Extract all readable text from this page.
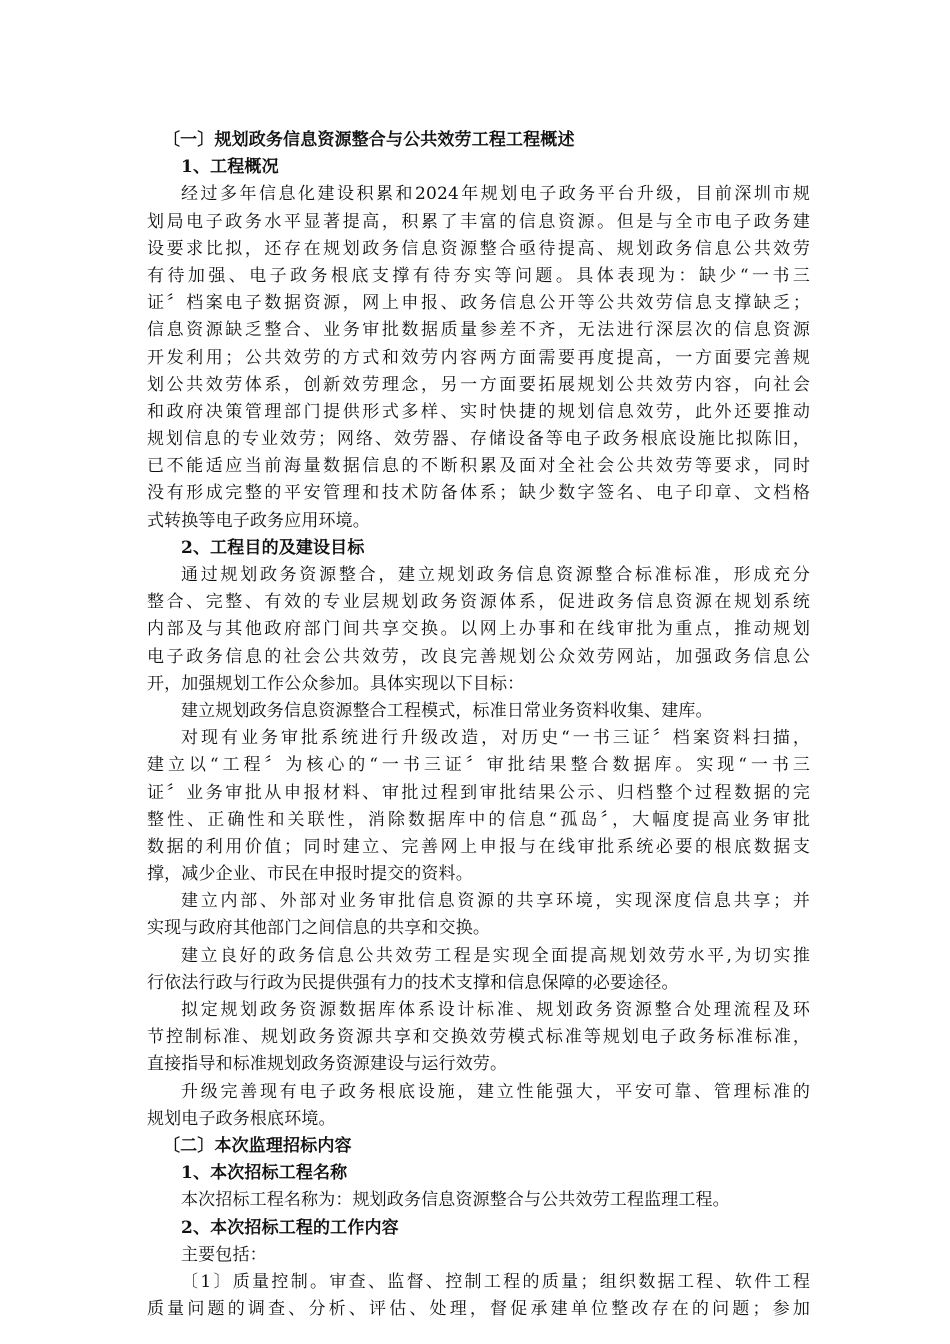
〔一〕规划政务信息资源整合与公共效劳工程工程概述
1、工程概况
经过多年信息化建设积累和2024年规划电子政务平台升级，目前深圳市规
划局电子政务水平显著提高，积累了丰富的信息资源。但是与全市电子政务建
设要求比拟，还存在规划政务信息资源整合亟待提高、规划政务信息公共效劳
有待加强、电子政务根底支撑有待夯实等问题。具体表现为：缺少“一书三
证〞档案电子数据资源，网上申报、政务信息公开等公共效劳信息支撑缺乏；
信息资源缺乏整合、业务审批数据质量参差不齐，无法进行深层次的信息资源
开发利用；公共效劳的方式和效劳内容两方面需要再度提高，一方面要完善规
划公共效劳体系，创新效劳理念，另一方面要拓展规划公共效劳内容，向社会
和政府决策管理部门提供形式多样、实时快捷的规划信息效劳，此外还要推动
规划信息的专业效劳；网络、效劳器、存储设备等电子政务根底设施比拟陈旧，
已不能适应当前海量数据信息的不断积累及面对全社会公共效劳等要求，同时
没有形成完整的平安管理和技术防备体系；缺少数字签名、电子印章、文档格
式转换等电子政务应用环境。
2、工程目的及建设目标
通过规划政务资源整合，建立规划政务信息资源整合标准标准，形成充分
整合、完整、有效的专业层规划政务资源体系，促进政务信息资源在规划系统
内部及与其他政府部门间共享交换。以网上办事和在线审批为重点，推动规划
电子政务信息的社会公共效劳，改良完善规划公众效劳网站，加强政务信息公
开，加强规划工作公众参加。具体实现以下目标：
建立规划政务信息资源整合工程模式，标准日常业务资料收集、建库。
对现有业务审批系统进行升级改造，对历史“一书三证〞档案资料扫描，
建立以“工程〞为核心的“一书三证〞审批结果整合数据库。实现“一书三
证〞业务审批从申报材料、审批过程到审批结果公示、归档整个过程数据的完
整性、正确性和关联性，消除数据库中的信息“孤岛〞，大幅度提高业务审批
数据的利用价值；同时建立、完善网上申报与在线审批系统必要的根底数据支
撑，减少企业、市民在申报时提交的资料。
建立内部、外部对业务审批信息资源的共享环境，实现深度信息共享；并
实现与政府其他部门之间信息的共享和交换。
建立良好的政务信息公共效劳工程是实现全面提高规划效劳水平,为切实推
行依法行政与行政为民提供强有力的技术支撑和信息保障的必要途径。
拟定规划政务资源数据库体系设计标准、规划政务资源整合处理流程及环
节控制标准、规划政务资源共享和交换效劳模式标准等规划电子政务标准标准，
直接指导和标准规划政务资源建设与运行效劳。
升级完善现有电子政务根底设施，建立性能强大，平安可靠、管理标准的
规划电子政务根底环境。
〔二〕本次监理招标内容
1、本次招标工程名称
本次招标工程名称为：规划政务信息资源整合与公共效劳工程监理工程。
2、本次招标工程的工作内容
主要包括：
〔1〕质量控制。审查、监督、控制工程的质量；组织数据工程、软件工程
质量问题的调查、分析、评估、处理，督促承建单位整改存在的问题；参加
